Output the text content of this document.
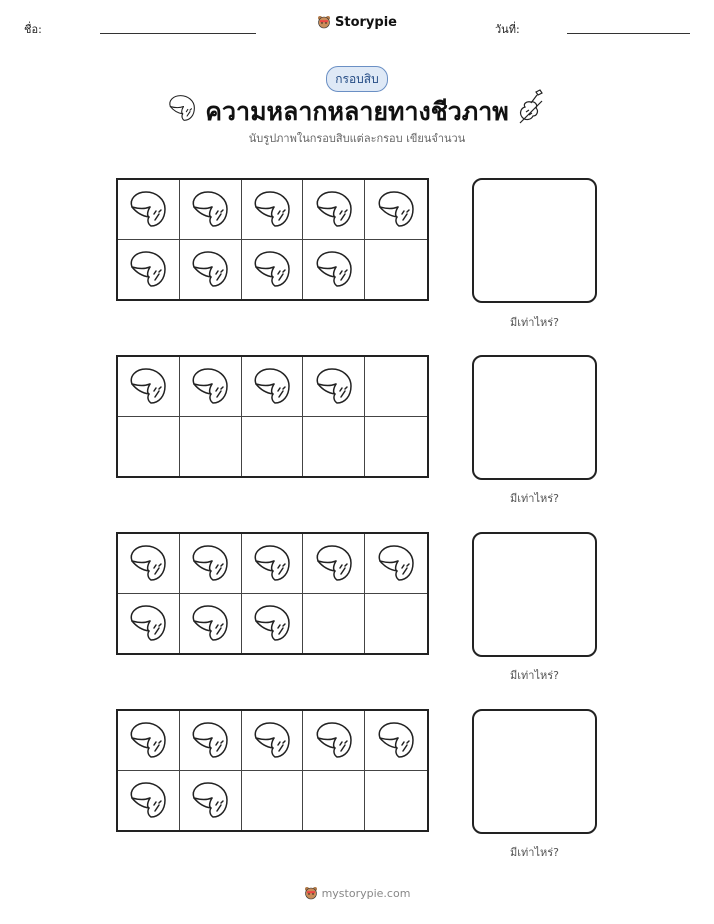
ชื่อ:	Storypie	วันที่:
กรอบสิบ
ความหลากหลายทางชีวภาพ
นับรูปภาพในกรอบสิบแต่ละกรอบ เขียนจำนวน
มีเท่าไหร่?
มีเท่าไหร่?
มีเท่าไหร่?
มีเท่าไหร่?
mystorypie.com
